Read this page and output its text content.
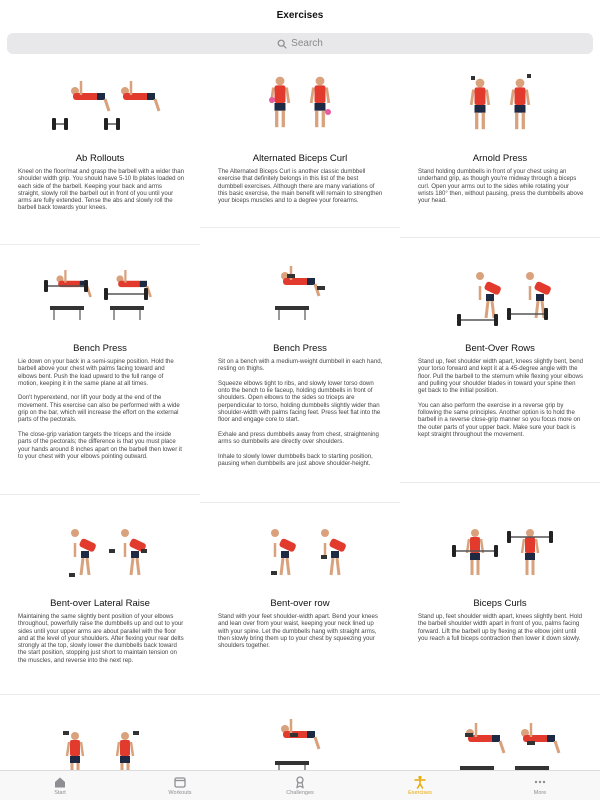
Exercises
Search
Ab Rollouts
Kneel on the floor/mat and grasp the barbell with a wider than shoulder width grip. You should have 5-10 lb plates loaded on each side of the barbell. Keeping your back and arms straight, slowly roll the barbell out in front of you until your arms are fully extended. Tense the abs and slowly roll the barbell back towards your knees.
Alternated Biceps Curl
The Alternated Biceps Curl is another classic dumbbell exercise that definitely belongs in this list of the best dumbbell exercises. Although there are many variations of this basic exercise, the main benefit will remain to strengthen your biceps muscles and to a degree your forearms.
Arnold Press
Stand holding dumbbells in front of your chest using an underhand grip, as though you're midway through a biceps curl. Open your arms out to the sides while rotating your wrists 180° then, without pausing, press the dumbbells above your head.
Bench Press
Lie down on your back in a semi-supine position. Hold the barbell above your chest with palms facing toward and elbows bent. Push the load upward to the full range of motion, keeping it in the same plane at all times.

Don't hyperextend, nor lift your body at the end of the movement. This exercise can also be performed with a wide grip on the bar, which will increase the effort on the external parts of the pectorals.

The close-grip variation targets the triceps and the inside parts of the pectorals; the difference is that you must place your hands around 8 inches apart on the barbell then lower it to your chest with your elbows pointing outward.
Bench Press
Sit on a bench with a medium-weight dumbbell in each hand, resting on thighs.

Squeeze elbows tight to ribs, and slowly lower torso down onto the bench to lie faceup, holding dumbbells in front of shoulders. Open elbows to the sides so triceps are perpendicular to torso, holding dumbbells slightly wider than shoulder-width with palms facing feet. Press feet flat into the floor and engage core to start.

Exhale and press dumbbells away from chest, straightening arms so dumbbells are directly over shoulders.

Inhale to slowly lower dumbbells back to starting position, pausing when dumbbells are just above shoulder-height.
Bent-Over Rows
Stand up, feet shoulder width apart, knees slightly bent, bend your torso forward and kept it at a 45-degree angle with the floor. Pull the barbell to the sternum while flexing your elbows and pulling your shoulder blades in toward your spine then get back to the initial position.

You can also perform the exercise in a reverse grip by following the same principles. Another option is to hold the barbell in a reverse close-grip manner so you focus more on the outer parts of your upper back. Make sure your back is kept straight throughout the movement.
Bent-over Lateral Raise
Maintaining the same slightly bent position of your elbows throughout, powerfully raise the dumbbells up and out to your sides until your upper arms are about parallel with the floor and at the level of your shoulders. After flexing your rear delts strongly at the top, slowly lower the dumbbells back toward the start position, stopping just short to maintain tension on the muscles, and reverse into the next rep.
Bent-over row
Stand with your feet shoulder-width apart. Bend your knees and lean over from your waist, keeping your neck lined up with your spine. Let the dumbbells hang with straight arms, then slowly bring them up to your chest by squeezing your shoulders together.
Biceps Curls
Stand up, feet shoulder width apart, knees slightly bent. Hold the barbell shoulder width apart in front of you, palms facing forward. Lift the barbell up by flexing at the elbow joint until you reach a full biceps contraction then lower it down slowly.
Start	Workouts	Challenges	Exercises	More
